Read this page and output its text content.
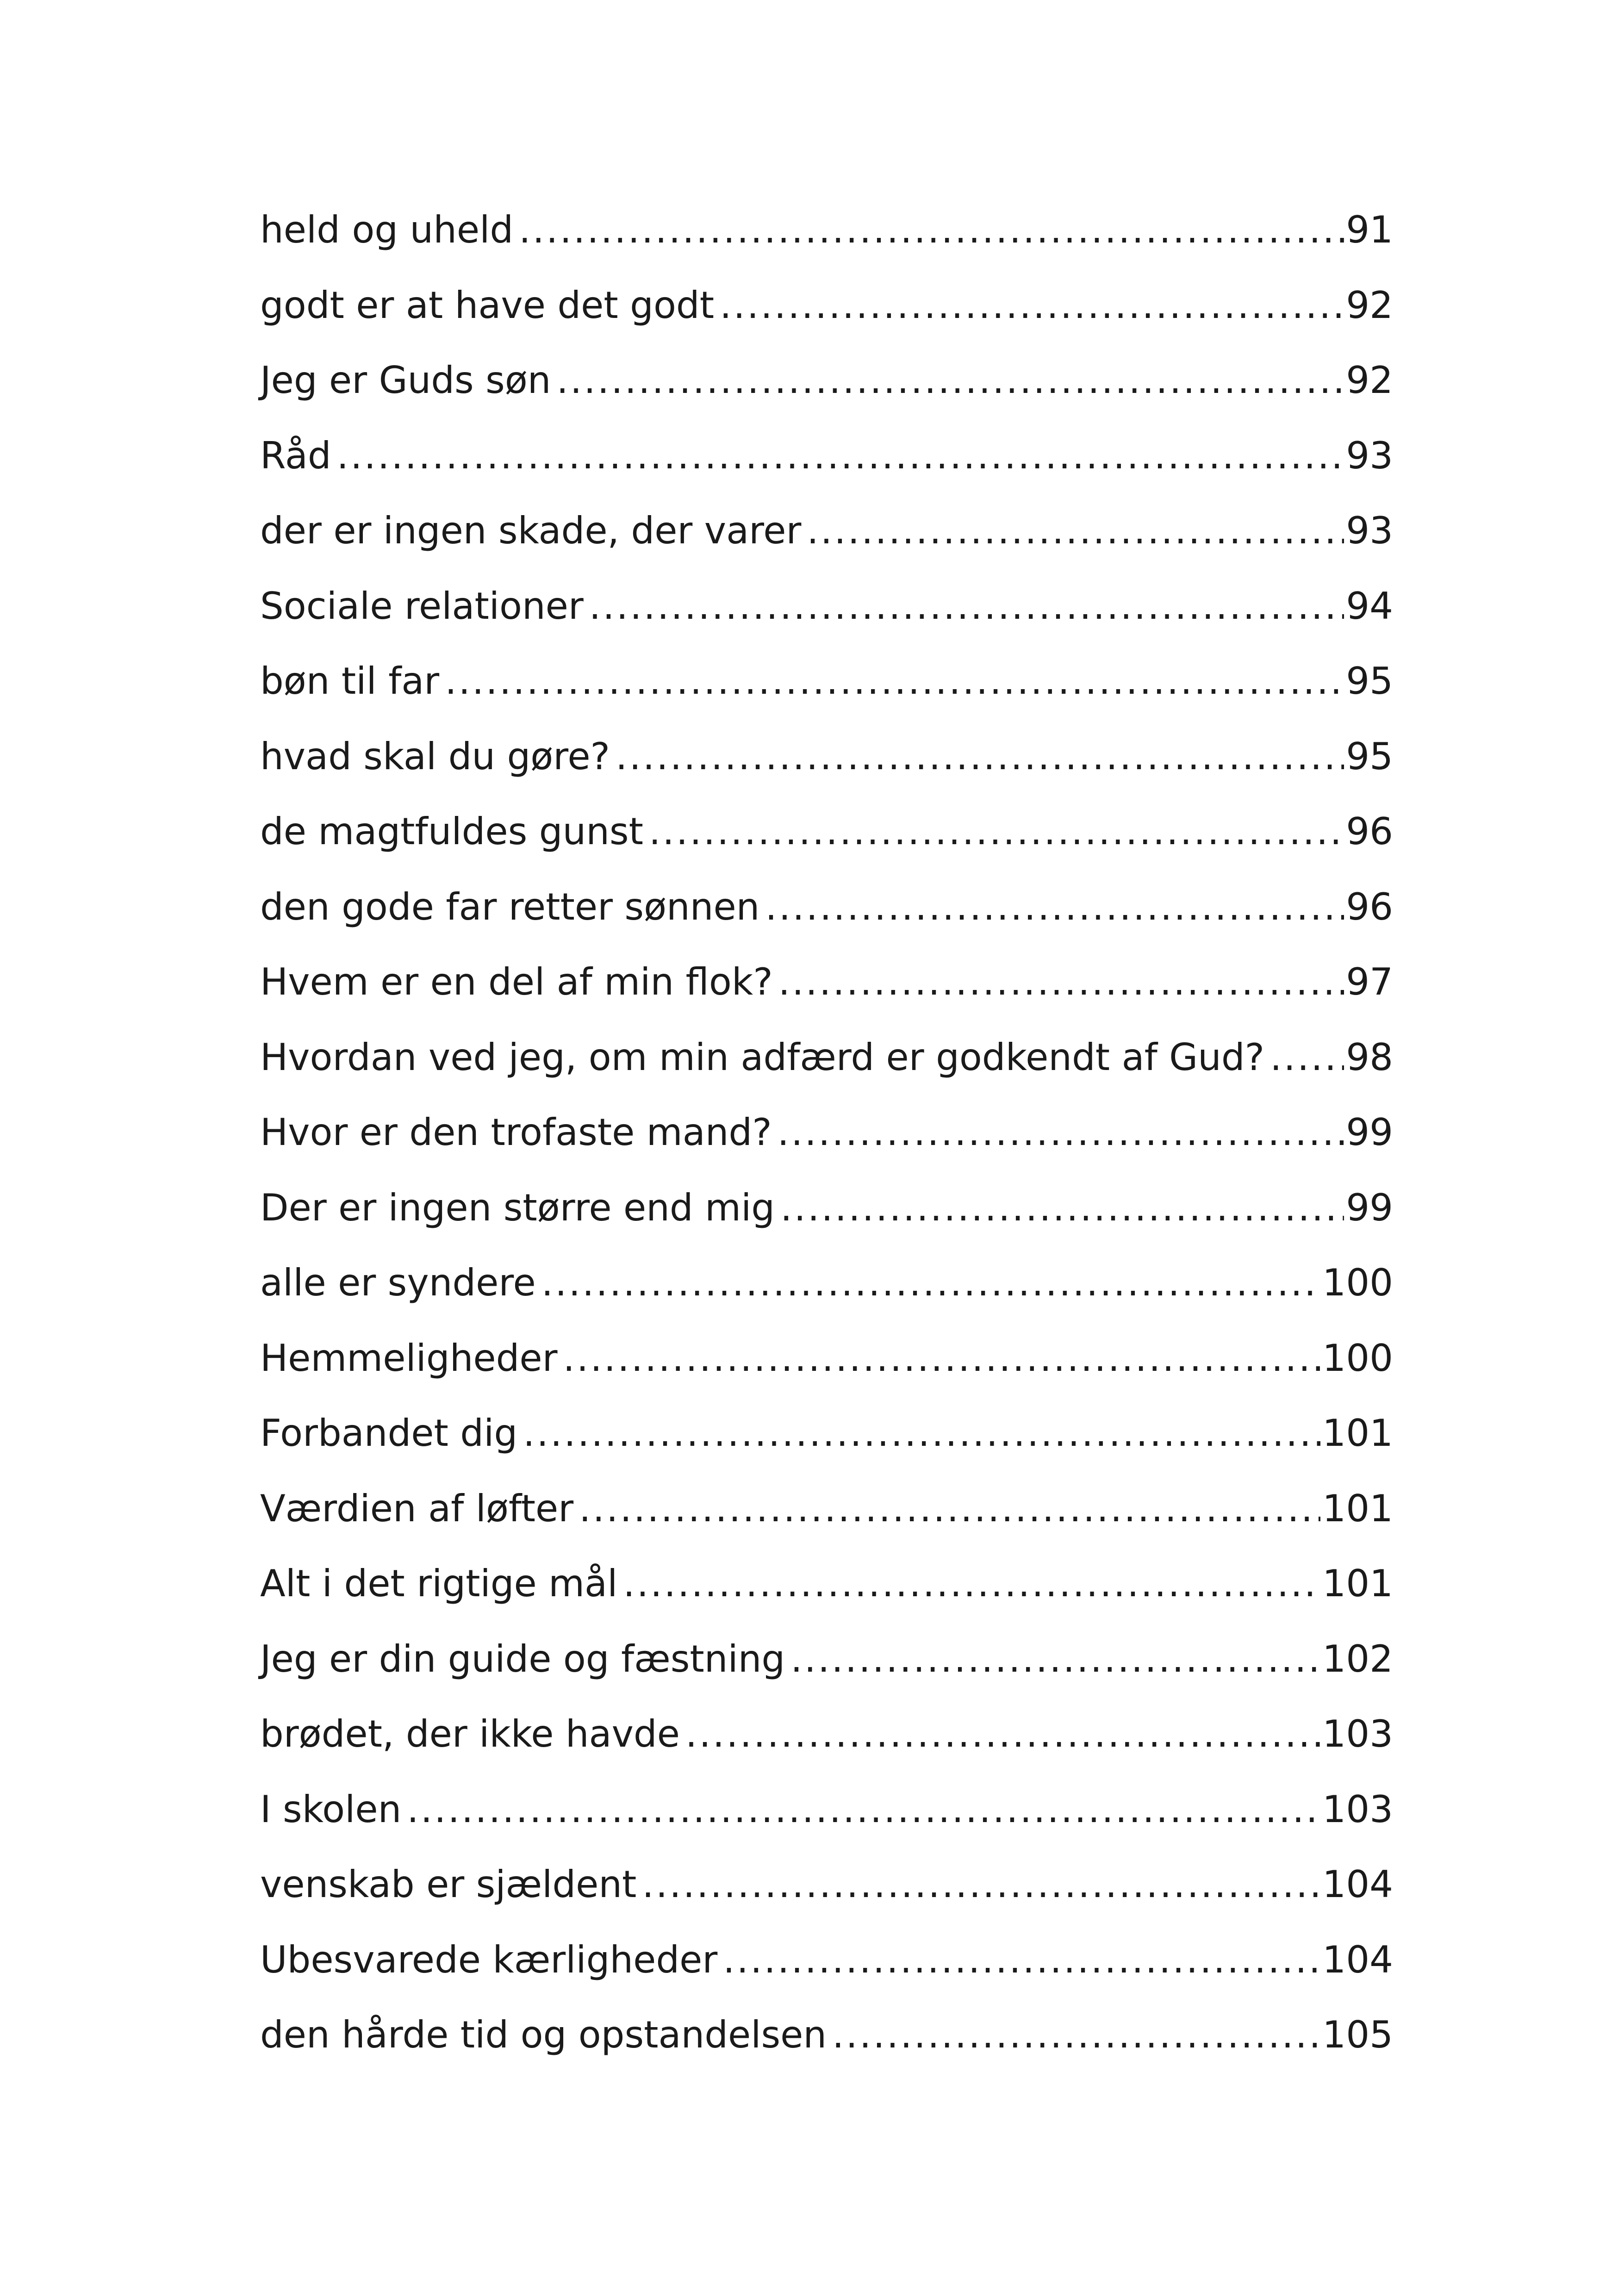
held og uheld .....	91
godt er at have det godt .....	92
Jeg er Guds søn .....	92
Råd .....	93
der er ingen skade, der varer .....	93
Sociale relationer .....	94
bøn til far .....	95
hvad skal du gøre? .....	95
de magtfuldes gunst .....	96
den gode far retter sønnen .....	96
Hvem er en del af min flok? .....	97
Hvordan ved jeg, om min adfærd er godkendt af Gud? ..... 98
Hvor er den trofaste mand? .....	99
Der er ingen større end mig .....	99
alle er syndere .....	100
Hemmeligheder .....	100
Forbandet dig .....	101
Værdien af løfter .....	101
Alt i det rigtige mål .....	101
Jeg er din guide og fæstning .....	102
brødet, der ikke havde .....	103
I skolen .....	103
venskab er sjældent .....	104
Ubesvarede kærligheder .....	104
den hårde tid og opstandelsen .....	105
